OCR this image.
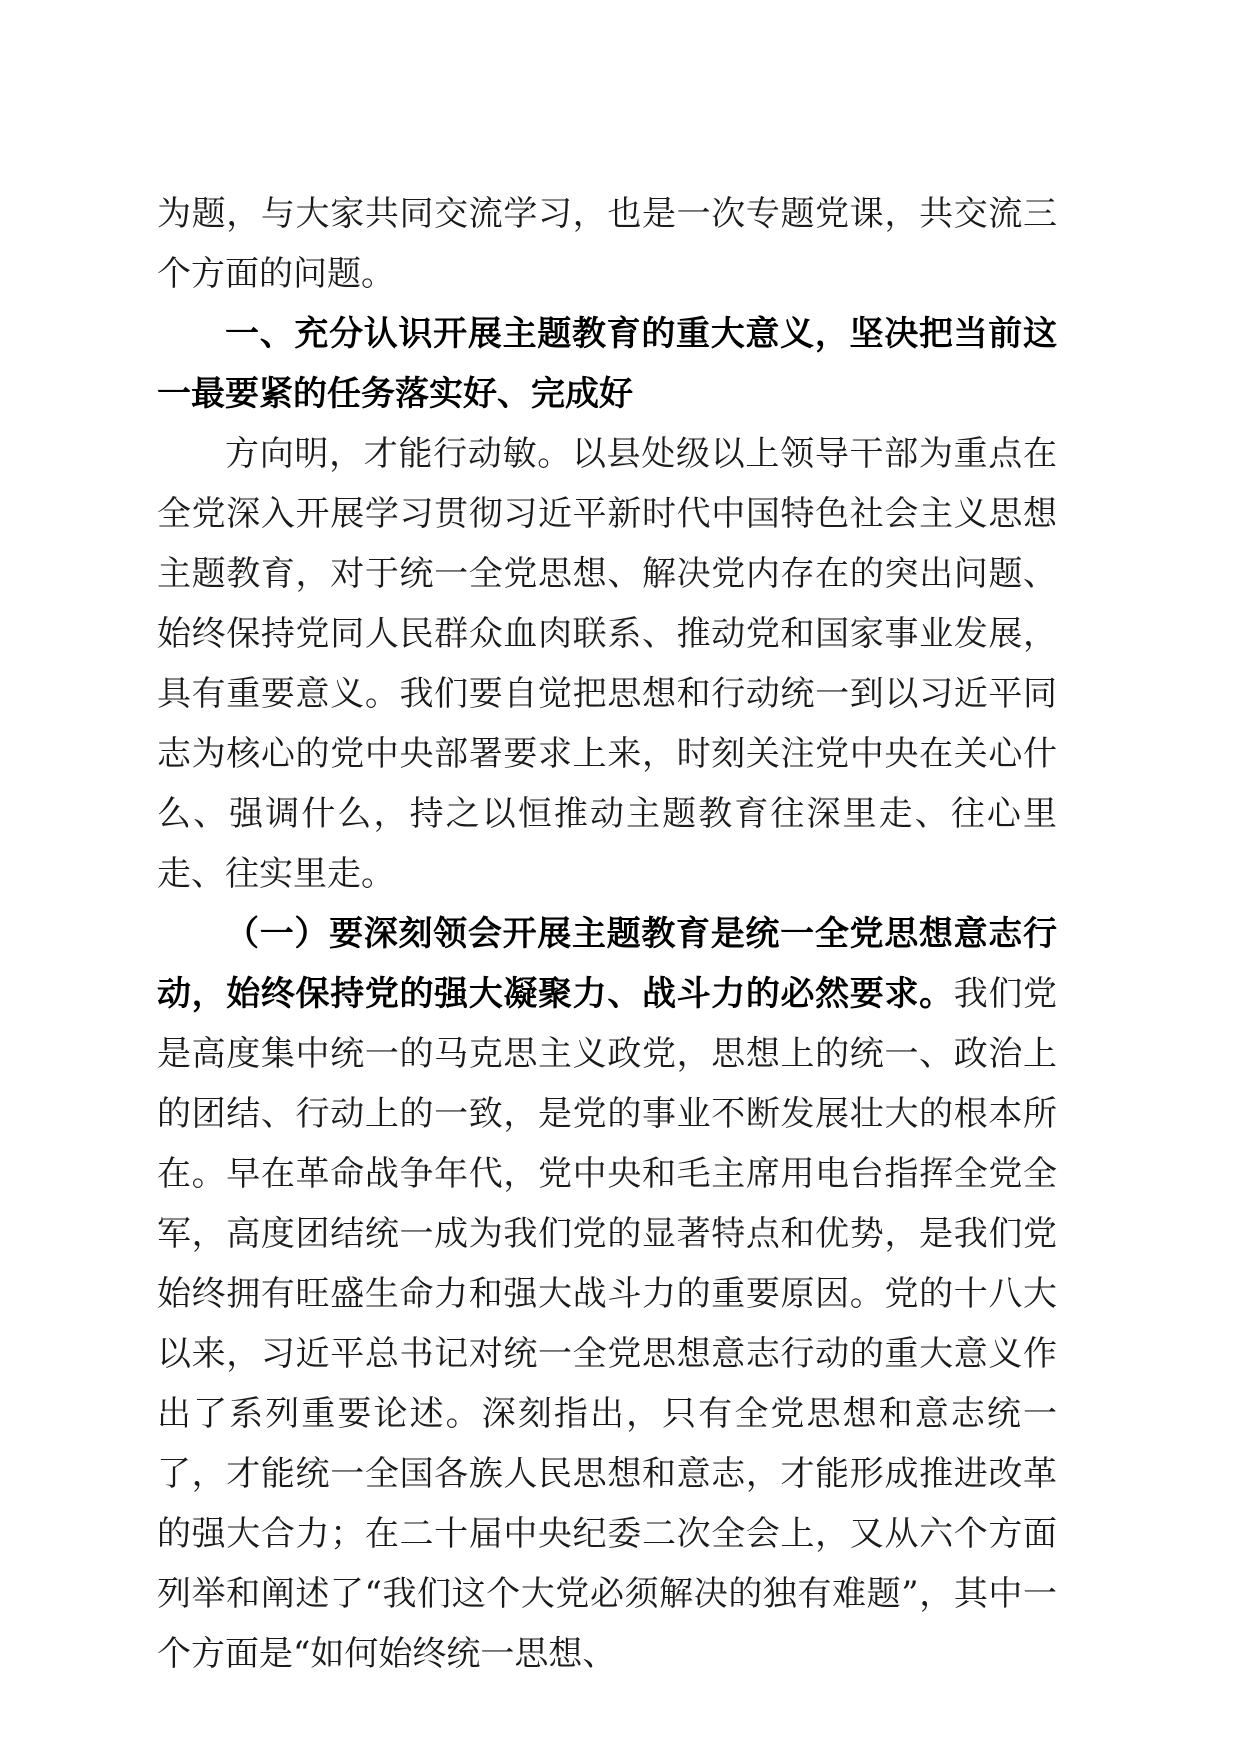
为题，与大家共同交流学习，也是一次专题党课，共交流三个方面的问题。

一、充分认识开展主题教育的重大意义，坚决把当前这一最要紧的任务落实好、完成好

方向明，才能行动敏。以县处级以上领导干部为重点在全党深入开展学习贯彻习近平新时代中国特色社会主义思想主题教育，对于统一全党思想、解决党内存在的突出问题、始终保持党同人民群众血肉联系、推动党和国家事业发展，具有重要意义。我们要自觉把思想和行动统一到以习近平同志为核心的党中央部署要求上来，时刻关注党中央在关心什么、强调什么，持之以恒推动主题教育往深里走、往心里走、往实里走。

（一）要深刻领会开展主题教育是统一全党思想意志行动，始终保持党的强大凝聚力、战斗力的必然要求。我们党是高度集中统一的马克思主义政党，思想上的统一、政治上的团结、行动上的一致，是党的事业不断发展壮大的根本所在。早在革命战争年代，党中央和毛主席用电台指挥全党全军，高度团结统一成为我们党的显著特点和优势，是我们党始终拥有旺盛生命力和强大战斗力的重要原因。党的十八大以来，习近平总书记对统一全党思想意志行动的重大意义作出了系列重要论述。深刻指出，只有全党思想和意志统一了，才能统一全国各族人民思想和意志，才能形成推进改革的强大合力；在二十届中央纪委二次全会上，又从六个方面列举和阐述了“我们这个大党必须解决的独有难题”，其中一个方面是“如何始终统一思想、
